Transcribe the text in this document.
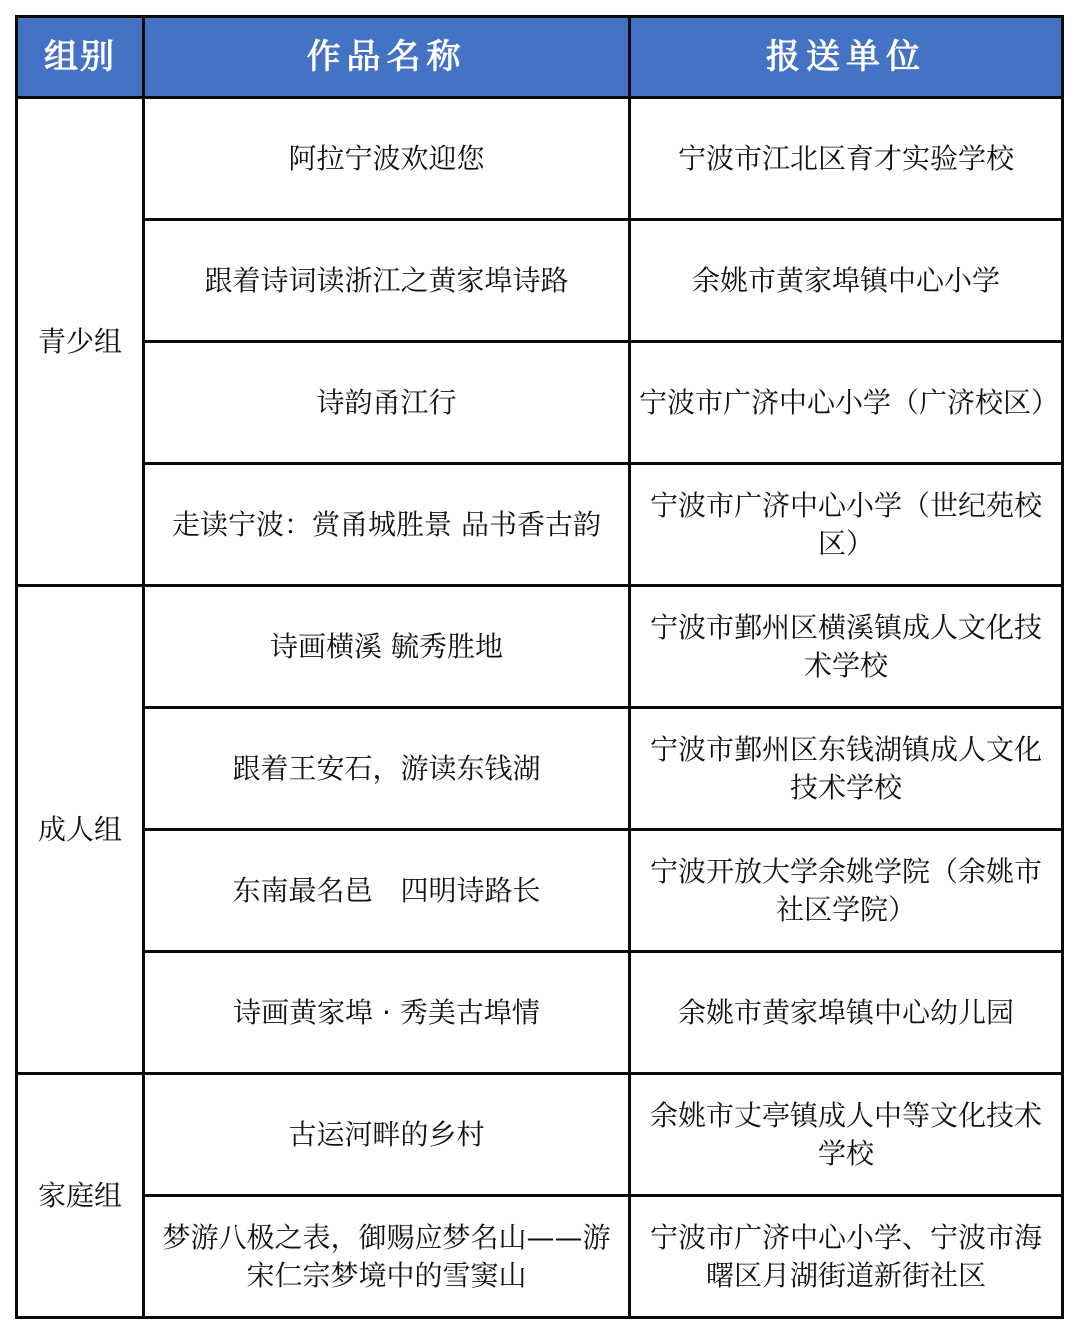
组别	作品名称	报送单位
青少组	阿拉宁波欢迎您	宁波市江北区育才实验学校
	跟着诗词读浙江之黄家埠诗路	余姚市黄家埠镇中心小学
	诗韵甬江行	宁波市广济中心小学（广济校区）
	走读宁波：赏甬城胜景 品书香古韵	宁波市广济中心小学（世纪苑校区）
成人组	诗画横溪 毓秀胜地	宁波市鄞州区横溪镇成人文化技术学校
	跟着王安石，游读东钱湖	宁波市鄞州区东钱湖镇成人文化技术学校
	东南最名邑　四明诗路长	宁波开放大学余姚学院（余姚市社区学院）
	诗画黄家埠 · 秀美古埠情	余姚市黄家埠镇中心幼儿园
家庭组	古运河畔的乡村	余姚市丈亭镇成人中等文化技术学校
	梦游八极之表，御赐应梦名山——游宋仁宗梦境中的雪窦山	宁波市广济中心小学、宁波市海曙区月湖街道新街社区
